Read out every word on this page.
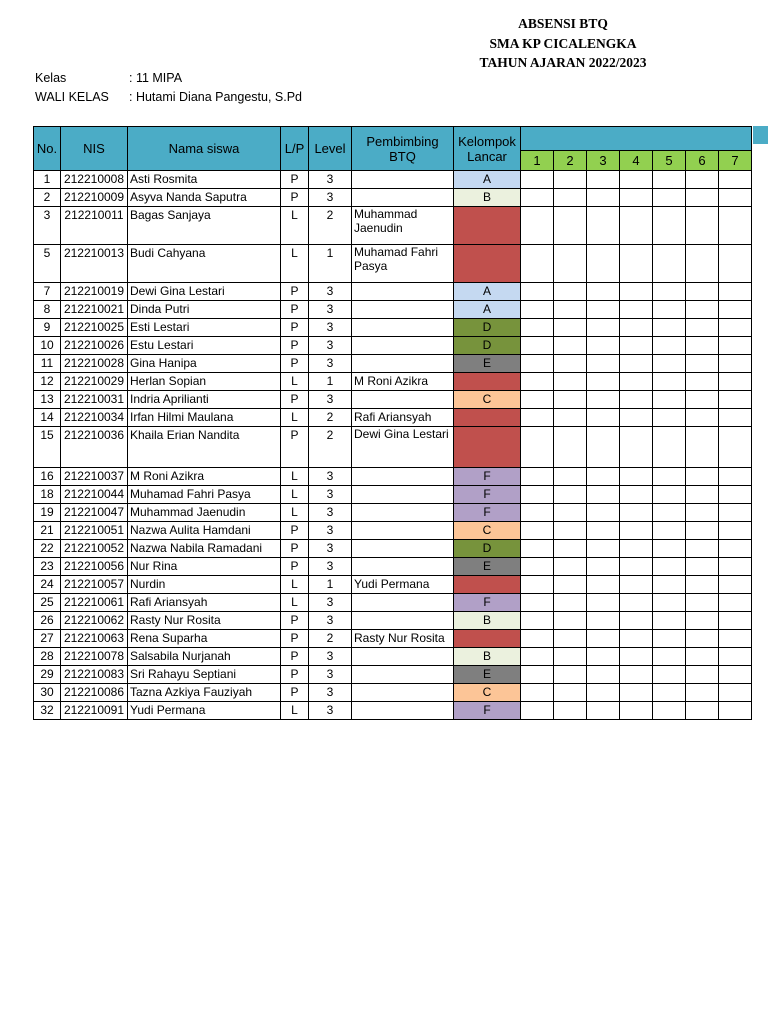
ABSENSI BTQ
SMA KP CICALENGKA
TAHUN AJARAN 2022/2023
Kelas	: 11 MIPA
WALI KELAS : Hutami Diana Pangestu, S.Pd
No.	NIS	Nama siswa	L/P	Level	Pembimbing BTQ	Kelompok Lancar							
							1	2	3	4	5	6	7
1	212210008	Asti Rosmita	P	3		A							
2	212210009	Asyva Nanda Saputra	P	3		B							
3	212210011	Bagas Sanjaya	L	2	Muhammad Jaenudin								
5	212210013	Budi Cahyana	L	1	Muhamad Fahri Pasya								
7	212210019	Dewi Gina Lestari	P	3		A							
8	212210021	Dinda Putri	P	3		A							
9	212210025	Esti Lestari	P	3		D							
10	212210026	Estu Lestari	P	3		D							
11	212210028	Gina Hanipa	P	3		E							
12	212210029	Herlan Sopian	L	1	M Roni Azikra								
13	212210031	Indria Aprilianti	P	3		C							
14	212210034	Irfan Hilmi Maulana	L	2	Rafi Ariansyah								
15	212210036	Khaila Erian Nandita	P	2	Dewi Gina Lestari								
16	212210037	M Roni Azikra	L	3		F							
18	212210044	Muhamad Fahri Pasya	L	3		F							
19	212210047	Muhammad Jaenudin	L	3		F							
21	212210051	Nazwa Aulita Hamdani	P	3		C							
22	212210052	Nazwa Nabila Ramadani	P	3		D							
23	212210056	Nur Rina	P	3		E							
24	212210057	Nurdin	L	1	Yudi Permana								
25	212210061	Rafi Ariansyah	L	3		F							
26	212210062	Rasty Nur Rosita	P	3		B							
27	212210063	Rena Suparha	P	2	Rasty Nur Rosita								
28	212210078	Salsabila Nurjanah	P	3		B							
29	212210083	Sri Rahayu Septiani	P	3		E							
30	212210086	Tazna Azkiya Fauziyah	P	3		C							
32	212210091	Yudi Permana	L	3		F							
